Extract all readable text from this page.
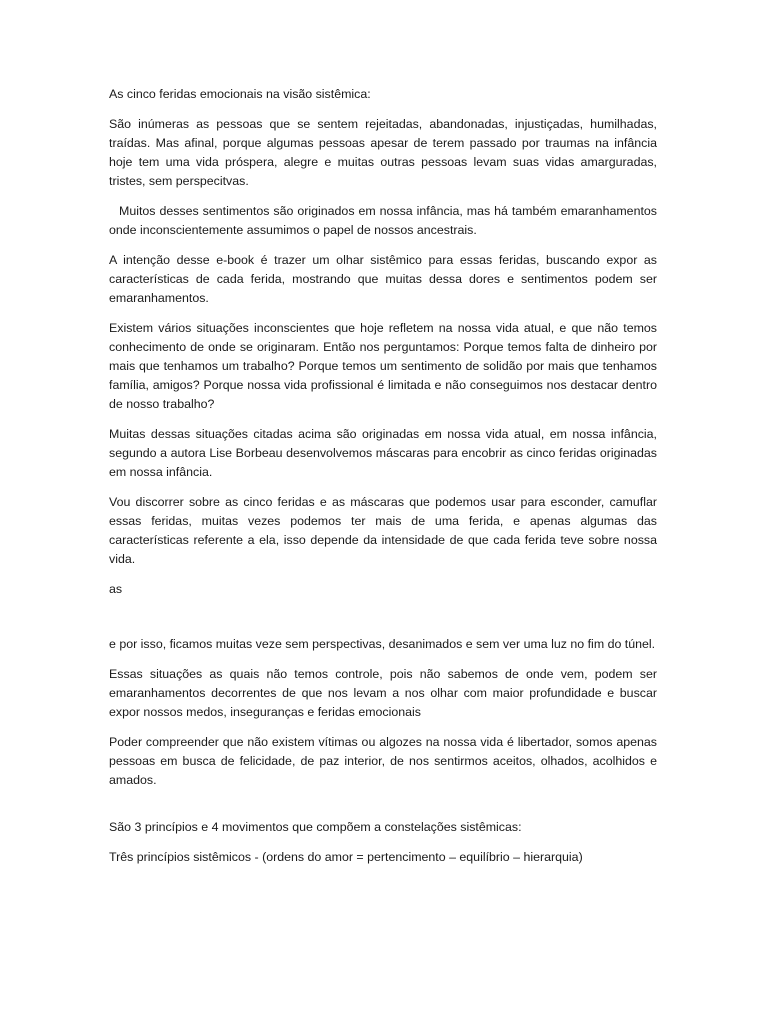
As cinco feridas emocionais na visão sistêmica:

São inúmeras as pessoas que se sentem rejeitadas, abandonadas, injustiçadas, humilhadas, traídas. Mas afinal, porque algumas pessoas apesar de terem passado por traumas na infância hoje tem uma vida próspera, alegre e muitas outras pessoas levam suas vidas amarguradas, tristes, sem perspecitvas.

Muitos desses sentimentos são originados em nossa infância, mas há também emaranhamentos onde inconscientemente assumimos o papel de nossos ancestrais.

A intenção desse e-book é trazer um olhar sistêmico para essas feridas, buscando expor as características de cada ferida, mostrando que muitas dessa dores e sentimentos podem ser emaranhamentos.

Existem vários situações inconscientes que hoje refletem na nossa vida atual, e que não temos conhecimento de onde se originaram. Então nos perguntamos: Porque temos falta de dinheiro por mais que tenhamos um trabalho? Porque temos um sentimento de solidão por mais que tenhamos família, amigos? Porque nossa vida profissional é limitada e não conseguimos nos destacar dentro de nosso trabalho?

Muitas dessas situações citadas acima são originadas em nossa vida atual, em nossa infância, segundo a autora Lise Borbeau desenvolvemos máscaras para encobrir as cinco feridas originadas em nossa infância.

Vou discorrer sobre as cinco feridas e as máscaras que podemos usar para esconder, camuflar essas feridas, muitas vezes podemos ter mais de uma ferida, e apenas algumas das características referente a ela, isso depende da intensidade de que cada ferida teve sobre nossa vida.

as

e por isso, ficamos muitas veze sem perspectivas, desanimados e sem ver uma luz no fim do túnel.

Essas situações as quais não temos controle, pois não sabemos de onde vem, podem ser emaranhamentos decorrentes de que nos levam a nos olhar com maior profundidade e buscar expor nossos medos, inseguranças e feridas emocionais

Poder compreender que não existem vítimas ou algozes na nossa vida é libertador, somos apenas pessoas em busca de felicidade, de paz interior, de nos sentirmos aceitos, olhados, acolhidos e amados.

São 3 princípios e 4 movimentos que compõem a constelações sistêmicas:

Três princípios sistêmicos - (ordens do amor = pertencimento – equilíbrio – hierarquia)
